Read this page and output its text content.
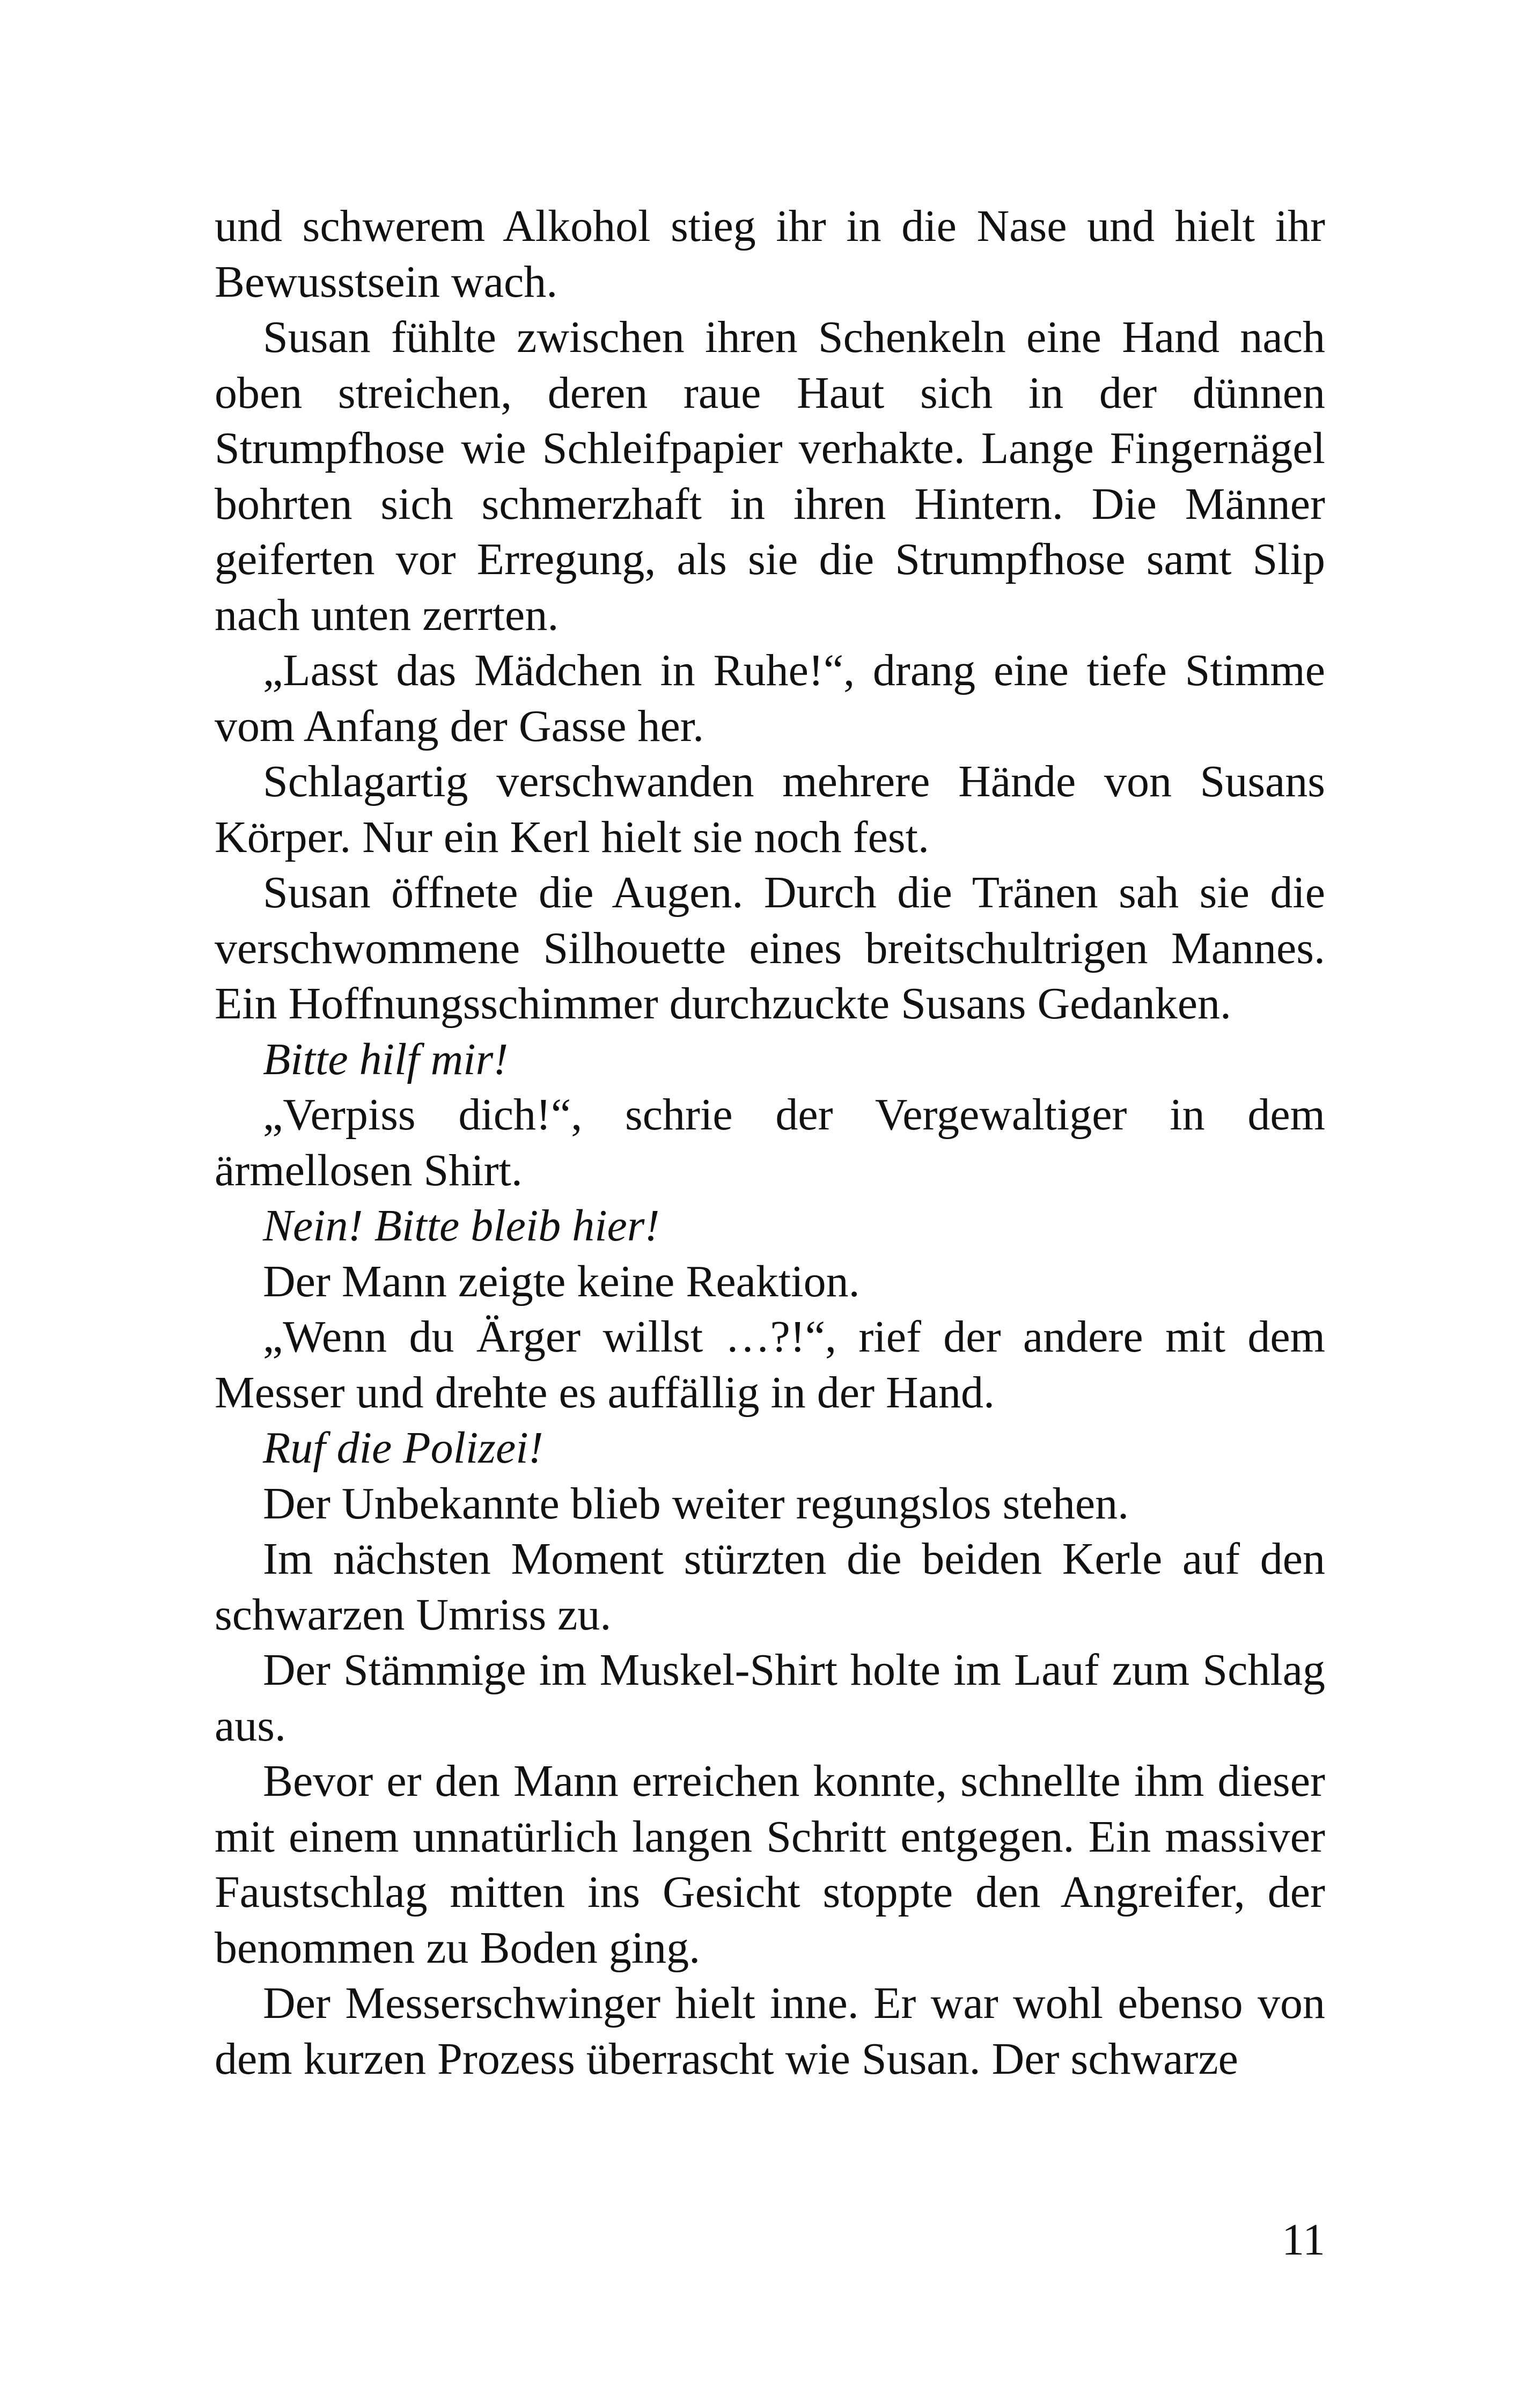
und schwerem Alkohol stieg ihr in die Nase und hielt ihr Bewusstsein wach.

Susan fühlte zwischen ihren Schenkeln eine Hand nach oben streichen, deren raue Haut sich in der dünnen Strumpfhose wie Schleifpapier verhakte. Lange Fingernägel bohrten sich schmerzhaft in ihren Hintern. Die Männer geiferten vor Erregung, als sie die Strumpfhose samt Slip nach unten zerrten.

„Lasst das Mädchen in Ruhe!“, drang eine tiefe Stimme vom Anfang der Gasse her.

Schlagartig verschwanden mehrere Hände von Susans Körper. Nur ein Kerl hielt sie noch fest.

Susan öffnete die Augen. Durch die Tränen sah sie die verschwommene Silhouette eines breitschultrigen Mannes. Ein Hoffnungsschimmer durchzuckte Susans Gedanken.

Bitte hilf mir!

„Verpiss dich!“, schrie der Vergewaltiger in dem ärmellosen Shirt.

Nein! Bitte bleib hier!

Der Mann zeigte keine Reaktion.

„Wenn du Ärger willst …?!“, rief der andere mit dem Messer und drehte es auffällig in der Hand.

Ruf die Polizei!

Der Unbekannte blieb weiter regungslos stehen.

Im nächsten Moment stürzten die beiden Kerle auf den schwarzen Umriss zu.

Der Stämmige im Muskel-Shirt holte im Lauf zum Schlag aus.

Bevor er den Mann erreichen konnte, schnellte ihm dieser mit einem unnatürlich langen Schritt entgegen. Ein massiver Faustschlag mitten ins Gesicht stoppte den Angreifer, der benommen zu Boden ging.

Der Messerschwinger hielt inne. Er war wohl ebenso von dem kurzen Prozess überrascht wie Susan. Der schwarze

11
